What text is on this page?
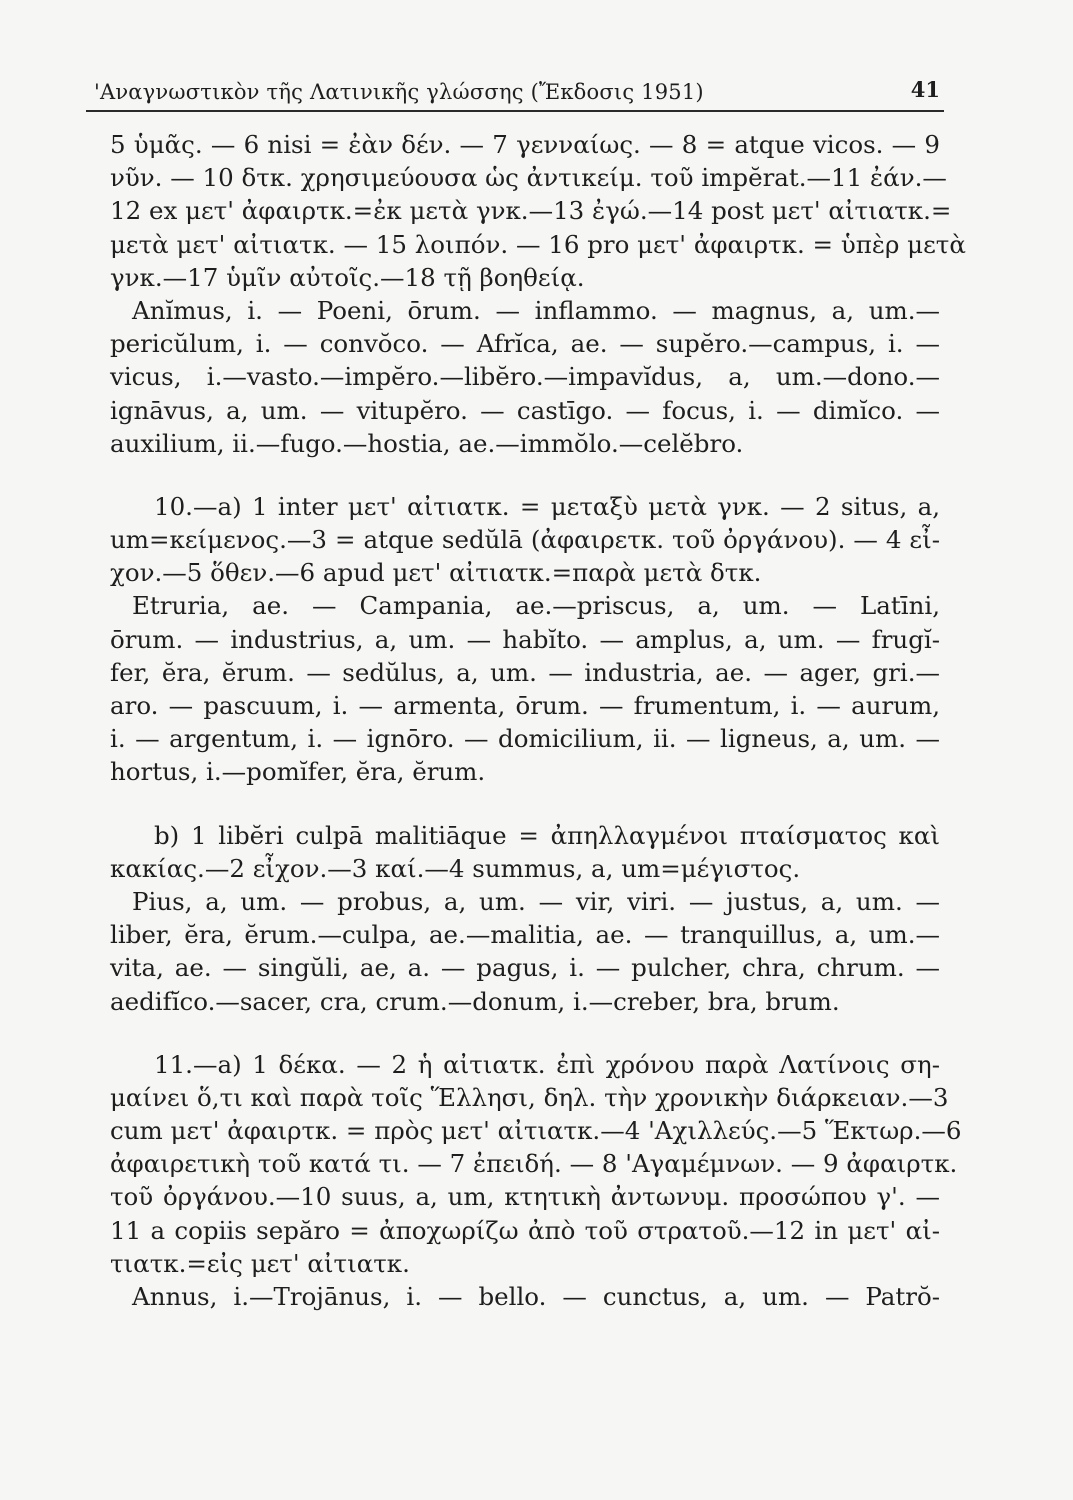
'Αναγνωστικὸν τῆς Λατινικῆς γλώσσης (Ἔκδοσις 1951)	41
5 ὑμᾶς. — 6 nisi = ἐὰν δέν. — 7 γενναίως. — 8 = atque vicos. — 9
νῦν. — 10 δτκ. χρησιμεύουσα ὡς ἀντικείμ. τοῦ impĕrat.—11 ἐάν.—
12 ex μετ' ἀφαιρτκ.=ἐκ μετὰ γνκ.—13 ἐγώ.—14 post μετ' αἰτιατκ.=
μετὰ μετ' αἰτιατκ. — 15 λοιπόν. — 16 pro μετ' ἀφαιρτκ. = ὑπὲρ μετὰ
γνκ.—17 ὑμῖν αὐτοῖς.—18 τῇ βοηθείᾳ.
Anĭmus, i. — Poeni, ōrum. — inflammo. — magnus, a, um.—
pericŭlum, i. — convŏco. — Afrĭca, ae. — supĕro.—campus, i. —
vicus, i.—vasto.—impĕro.—libĕro.—impavĭdus, a, um.—dono.—
ignāvus, a, um. — vitupĕro. — castīgo. — focus, i. — dimĭco. —
auxilium, ii.—fugo.—hostia, ae.—immŏlo.—celĕbro.
10.—a) 1 inter μετ' αἰτιατκ. = μεταξὺ μετὰ γνκ. — 2 situs, a,
um=κείμενος.—3 = atque sedŭlā (ἀφαιρετκ. τοῦ ὀργάνου). — 4 εἶ-
χον.—5 ὅθεν.—6 apud μετ' αἰτιατκ.=παρὰ μετὰ δτκ.
Etruria, ae. — Campania, ae.—priscus, a, um. — Latīni,
ōrum. — industrius, a, um. — habĭto. — amplus, a, um. — frugĭ-
fer, ĕra, ĕrum. — sedŭlus, a, um. — industria, ae. — ager, gri.—
aro. — pascuum, i. — armenta, ōrum. — frumentum, i. — aurum,
i. — argentum, i. — ignōro. — domicilium, ii. — ligneus, a, um. —
hortus, i.—pomĭfer, ĕra, ĕrum.
b) 1 libĕri culpā malitiāque = ἀπηλλαγμένοι πταίσματος καὶ
κακίας.—2 εἶχον.—3 καί.—4 summus, a, um=μέγιστος.
Pius, a, um. — probus, a, um. — vir, viri. — justus, a, um. —
liber, ĕra, ĕrum.—culpa, ae.—malitia, ae. — tranquillus, a, um.—
vita, ae. — singŭli, ae, a. — pagus, i. — pulcher, chra, chrum. —
aedifĭco.—sacer, cra, crum.—donum, i.—creber, bra, brum.
11.—a) 1 δέκα. — 2 ἡ αἰτιατκ. ἐπὶ χρόνου παρὰ Λατίνοις ση-
μαίνει ὅ,τι καὶ παρὰ τοῖς Ἕλλησι, δηλ. τὴν χρονικὴν διάρκειαν.—3
cum μετ' ἀφαιρτκ. = πρὸς μετ' αἰτιατκ.—4 'Αχιλλεύς.—5 Ἕκτωρ.—6
ἀφαιρετικὴ τοῦ κατά τι. — 7 ἐπειδή. — 8 'Αγαμέμνων. — 9 ἀφαιρτκ.
τοῦ ὀργάνου.—10 suus, a, um, κτητικὴ ἀντωνυμ. προσώπου γ'. —
11 a copiis sepăro = ἀποχωρίζω ἀπὸ τοῦ στρατοῦ.—12 in μετ' αἰ-
τιατκ.=εἰς μετ' αἰτιατκ.
Annus, i.—Trojānus, i. — bello. — cunctus, a, um. — Patrŏ-
